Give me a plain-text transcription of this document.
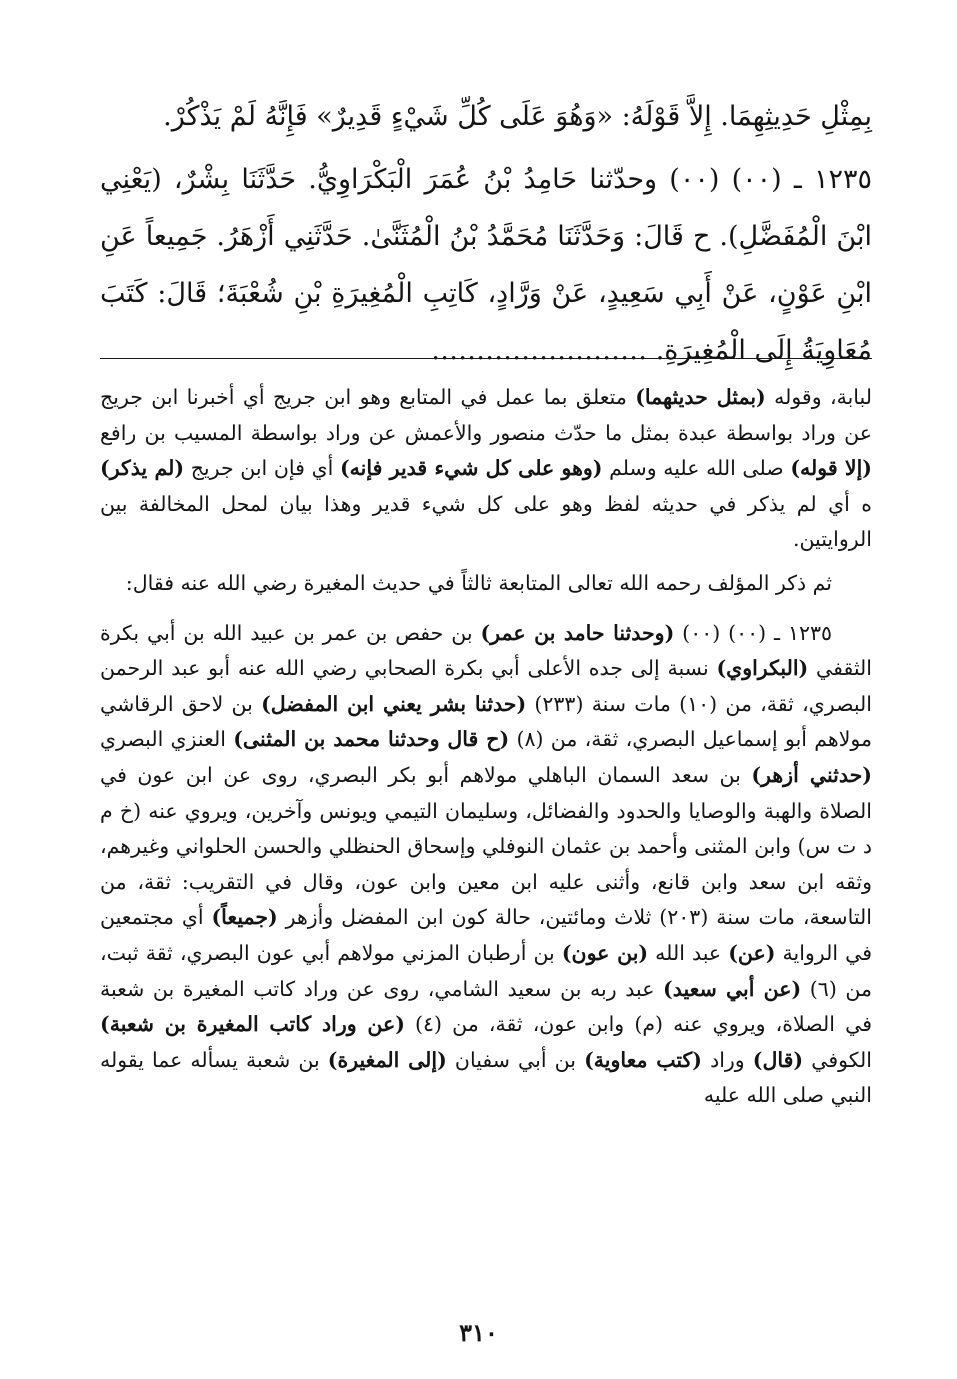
بِمِثْلِ حَدِيثِهِمَا. إِلاَّ قَوْلَهُ: «وَهُوَ عَلَى كُلِّ شَيْءٍ قَدِيرٌ» فَإِنَّهُ لَمْ يَذْكُرْ.

١٢٣٥ ـ (٠٠) (٠٠) وحدّثنا حَامِدُ بْنُ عُمَرَ الْبَكْرَاوِيُّ. حَدَّثَنَا بِشْرٌ، (يَعْنِي ابْنَ الْمُفَضَّلِ). ح قَالَ: وَحَدَّثَنَا مُحَمَّدُ بْنُ الْمُثَنَّىٰ. حَدَّثَنِي أَزْهَرُ. جَمِيعاً عَنِ ابْنِ عَوْنٍ، عَنْ أَبِي سَعِيدٍ، عَنْ وَرَّادٍ، كَاتِبِ الْمُغِيرَةِ بْنِ شُعْبَةَ؛ قَالَ: كَتَبَ مُعَاوِيَةُ إِلَى الْمُغِيرَةِ. ……………………

لبابة، وقوله (بمثل حديثهما) متعلق بما عمل في المتابع وهو ابن جريج أي أخبرنا ابن جريج عن وراد بواسطة عبدة بمثل ما حدّث منصور والأعمش عن وراد بواسطة المسيب بن رافع (إلا قوله) صلى الله عليه وسلم (وهو على كل شيء قدير فإنه) أي فإن ابن جريج (لم يذكر) ه أي لم يذكر في حديثه لفظ وهو على كل شيء قدير وهذا بيان لمحل المخالفة بين الروايتين.

ثم ذكر المؤلف رحمه الله تعالى المتابعة ثالثاً في حديث المغيرة رضي الله عنه فقال:

١٢٣٥ ـ (٠٠) (٠٠) (وحدثنا حامد بن عمر) بن حفص بن عمر بن عبيد الله بن أبي بكرة الثقفي (البكراوي) نسبة إلى جده الأعلى أبي بكرة الصحابي رضي الله عنه أبو عبد الرحمن البصري، ثقة، من (١٠) مات سنة (٢٣٣) (حدثنا بشر يعني ابن المفضل) بن لاحق الرقاشي مولاهم أبو إسماعيل البصري، ثقة، من (٨) (ح قال وحدثنا محمد بن المثنى) العنزي البصري (حدثني أزهر) بن سعد السمان الباهلي مولاهم أبو بكر البصري، روى عن ابن عون في الصلاة والهبة والوصايا والحدود والفضائل، وسليمان التيمي ويونس وآخرين، ويروي عنه (خ م د ت س) وابن المثنى وأحمد بن عثمان النوفلي وإسحاق الحنظلي والحسن الحلواني وغيرهم، وثقه ابن سعد وابن قانع، وأثنى عليه ابن معين وابن عون، وقال في التقريب: ثقة، من التاسعة، مات سنة (٢٠٣) ثلاث ومائتين، حالة كون ابن المفضل وأزهر (جميعاً) أي مجتمعين في الرواية (عن) عبد الله (بن عون) بن أرطبان المزني مولاهم أبي عون البصري، ثقة ثبت، من (٦) (عن أبي سعيد) عبد ربه بن سعيد الشامي، روى عن وراد كاتب المغيرة بن شعبة في الصلاة، ويروي عنه (م) وابن عون، ثقة، من (٤) (عن وراد كاتب المغيرة بن شعبة) الكوفي (قال) وراد (كتب معاوية) بن أبي سفيان (إلى المغيرة) بن شعبة يسأله عما يقوله النبي صلى الله عليه

٣١٠
